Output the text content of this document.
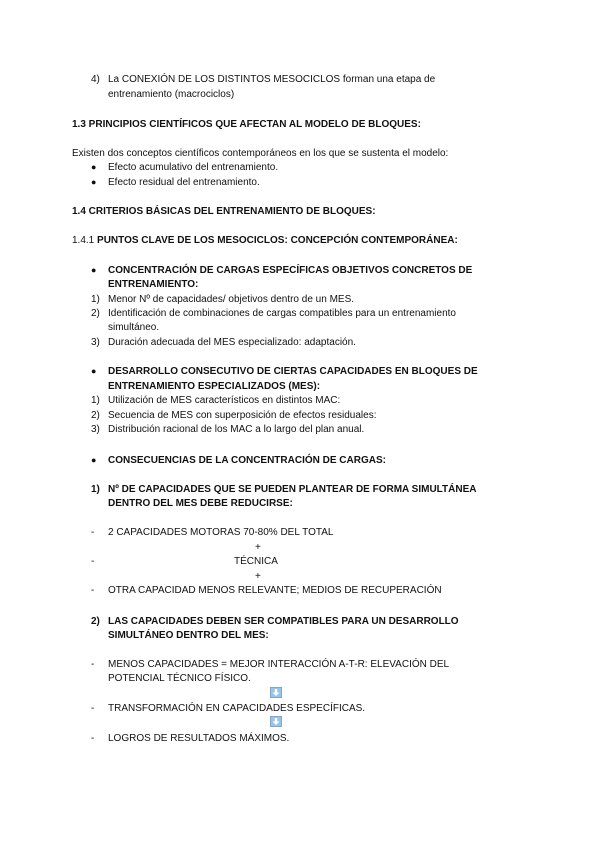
4) La CONEXIÓN DE LOS DISTINTOS MESOCICLOS forman una etapa de
entrenamiento (macrociclos)
1.3 PRINCIPIOS CIENTÍFICOS QUE AFECTAN AL MODELO DE BLOQUES:
Existen dos conceptos científicos contemporáneos en los que se sustenta el modelo:
● Efecto acumulativo del entrenamiento.
● Efecto residual del entrenamiento.
1.4 CRITERIOS BÁSICAS DEL ENTRENAMIENTO DE BLOQUES:
1.4.1 PUNTOS CLAVE DE LOS MESOCICLOS: CONCEPCIÓN CONTEMPORÁNEA:
● CONCENTRACIÓN DE CARGAS ESPECÍFICAS OBJETIVOS CONCRETOS DE
ENTRENAMIENTO:
1) Menor Nº de capacidades/ objetivos dentro de un MES.
2) Identificación de combinaciones de cargas compatibles para un entrenamiento
simultáneo.
3) Duración adecuada del MES especializado: adaptación.
● DESARROLLO CONSECUTIVO DE CIERTAS CAPACIDADES EN BLOQUES DE
ENTRENAMIENTO ESPECIALIZADOS (MES):
1) Utilización de MES característicos en distintos MAC:
2) Secuencia de MES con superposición de efectos residuales:
3) Distribución racional de los MAC a lo largo del plan anual.
● CONSECUENCIAS DE LA CONCENTRACIÓN DE CARGAS:
1) Nº DE CAPACIDADES QUE SE PUEDEN PLANTEAR DE FORMA SIMULTÁNEA
DENTRO DEL MES DEBE REDUCIRSE:
- 2 CAPACIDADES MOTORAS 70-80% DEL TOTAL
+
-	TÉCNICA
+
- OTRA CAPACIDAD MENOS RELEVANTE; MEDIOS DE RECUPERACIÓN
2) LAS CAPACIDADES DEBEN SER COMPATIBLES PARA UN DESARROLLO
SIMULTÁNEO DENTRO DEL MES:
- MENOS CAPACIDADES = MEJOR INTERACCIÓN A-T-R: ELEVACIÓN DEL
POTENCIAL TÉCNICO FÍSICO.
- TRANSFORMACIÓN EN CAPACIDADES ESPECÍFICAS.
- LOGROS DE RESULTADOS MÁXIMOS.
